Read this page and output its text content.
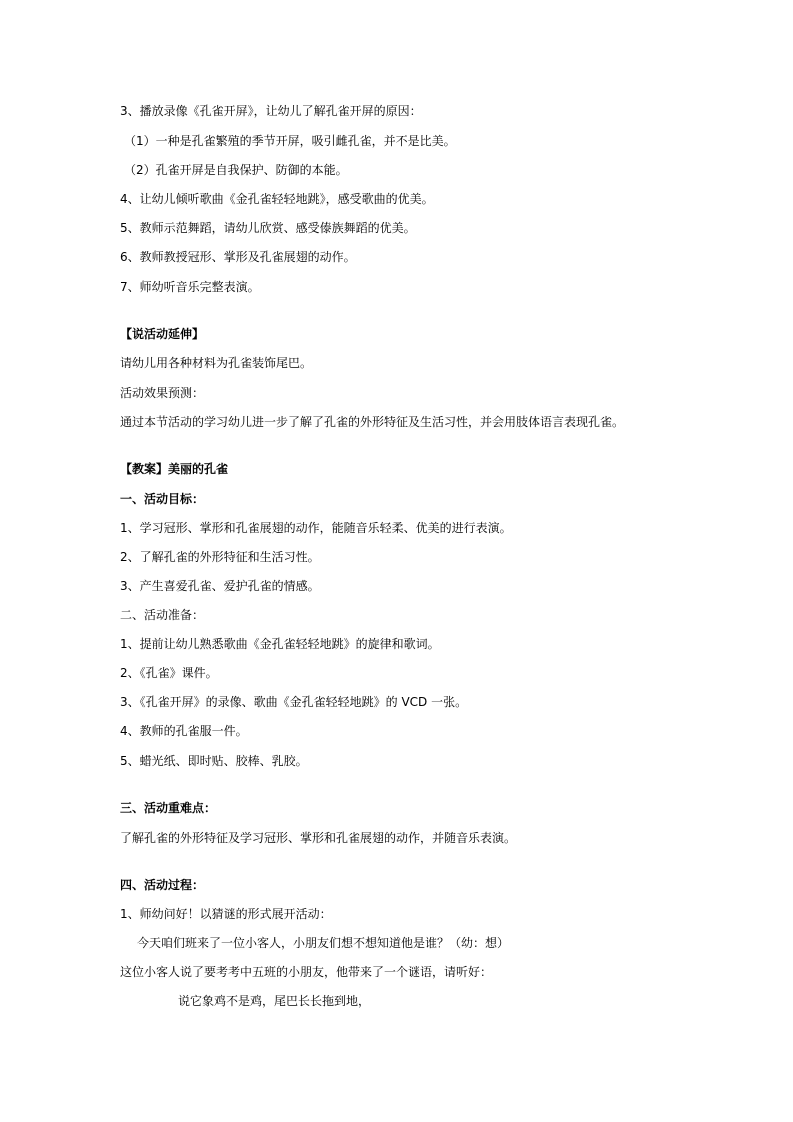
3、播放录像《孔雀开屏》，让幼儿了解孔雀开屏的原因：
（1）一种是孔雀繁殖的季节开屏，吸引雌孔雀，并不是比美。
（2）孔雀开屏是自我保护、防御的本能。
4、让幼儿倾听歌曲《金孔雀轻轻地跳》，感受歌曲的优美。
5、教师示范舞蹈，请幼儿欣赏、感受傣族舞蹈的优美。
6、教师教授冠形、掌形及孔雀展翅的动作。
7、师幼听音乐完整表演。
【说活动延伸】
请幼儿用各种材料为孔雀装饰尾巴。
活动效果预测：
通过本节活动的学习幼儿进一步了解了孔雀的外形特征及生活习性，并会用肢体语言表现孔雀。
【教案】美丽的孔雀
一、活动目标：
1、学习冠形、掌形和孔雀展翅的动作，能随音乐轻柔、优美的进行表演。
2、了解孔雀的外形特征和生活习性。
3、产生喜爱孔雀、爱护孔雀的情感。
二、活动准备：
1、提前让幼儿熟悉歌曲《金孔雀轻轻地跳》的旋律和歌词。
2、《孔雀》课件。
3、《孔雀开屏》的录像、歌曲《金孔雀轻轻地跳》的 VCD 一张。
4、教师的孔雀服一件。
5、蜡光纸、即时贴、胶棒、乳胶。
三、活动重难点：
了解孔雀的外形特征及学习冠形、掌形和孔雀展翅的动作，并随音乐表演。
四、活动过程：
1、师幼问好！以猜谜的形式展开活动：
今天咱们班来了一位小客人，小朋友们想不想知道他是谁？（幼：想）
这位小客人说了要考考中五班的小朋友，他带来了一个谜语，请听好：
说它象鸡不是鸡，尾巴长长拖到地，
